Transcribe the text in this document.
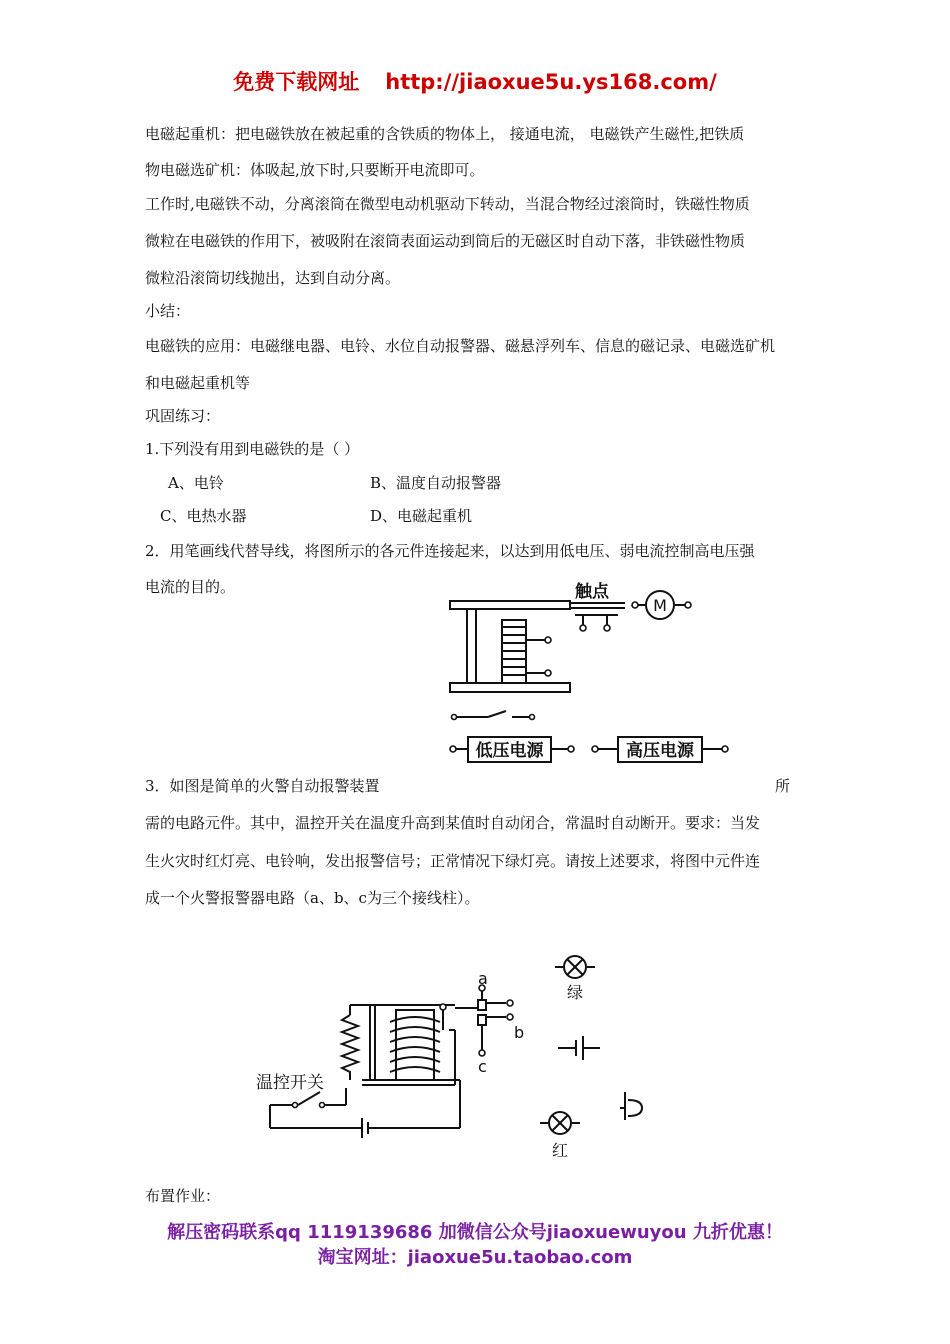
免费下载网址 http://jiaoxue5u.ys168.com/
电磁起重机：把电磁铁放在被起重的含铁质的物体上， 接通电流， 电磁铁产生磁性,把铁质
物电磁选矿机：体吸起,放下时,只要断开电流即可。
工作时,电磁铁不动，分离滚筒在微型电动机驱动下转动，当混合物经过滚筒时，铁磁性物质
微粒在电磁铁的作用下，被吸附在滚筒表面运动到筒后的无磁区时自动下落，非铁磁性物质
微粒沿滚筒切线抛出，达到自动分离。
小结：
电磁铁的应用：电磁继电器、电铃、水位自动报警器、磁悬浮列车、信息的磁记录、电磁选矿机
和电磁起重机等
巩固练习：
1.下列没有用到电磁铁的是（ ）
A、电铃	B、温度自动报警器
C、电热水器	D、电磁起重机
2．用笔画线代替导线，将图所示的各元件连接起来，以达到用低电压、弱电流控制高电压强
电流的目的。	触点
M
低压电源	高压电源
3．如图是简单的火警自动报警装置	所
需的电路元件。其中，温控开关在温度升高到某值时自动闭合，常温时自动断开。要求：当发
生火灾时红灯亮、电铃响，发出报警信号；正常情况下绿灯亮。请按上述要求，将图中元件连
成一个火警报警器电路（a、b、c为三个接线柱）。
a
b
c
温控开关
绿
红
布置作业：
解压密码联系qq 1119139686 加微信公众号jiaoxuewuyou 九折优惠！
淘宝网址：jiaoxue5u.taobao.com
